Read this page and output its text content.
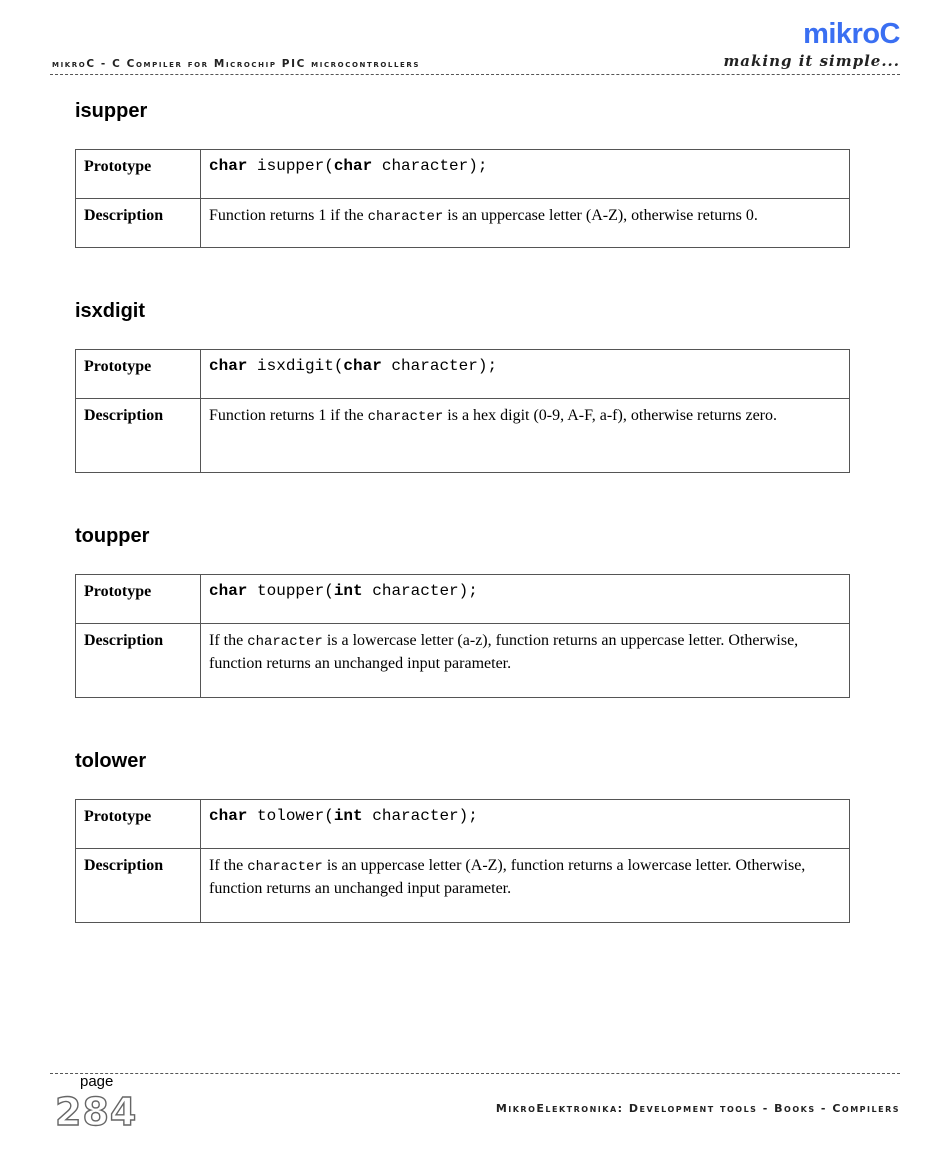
mikroC - C Compiler for Microchip PIC microcontrollers
mikroC
making it simple...
isupper
Prototype	char isupper(char character);
Description	Function returns 1 if the character is an uppercase letter (A-Z), otherwise returns 0.
isxdigit
Prototype	char isxdigit(char character);
Description	Function returns 1 if the character is a hex digit (0-9, A-F, a-f), otherwise returns zero.
toupper
Prototype	char toupper(int character);
Description	If the character is a lowercase letter (a-z), function returns an uppercase letter. Otherwise, function returns an unchanged input parameter.
tolower
Prototype	char tolower(int character);
Description	If the character is an uppercase letter (A-Z), function returns a lowercase letter. Otherwise, function returns an unchanged input parameter.
page
284	MikroElektronika: Development tools - Books - Compilers
